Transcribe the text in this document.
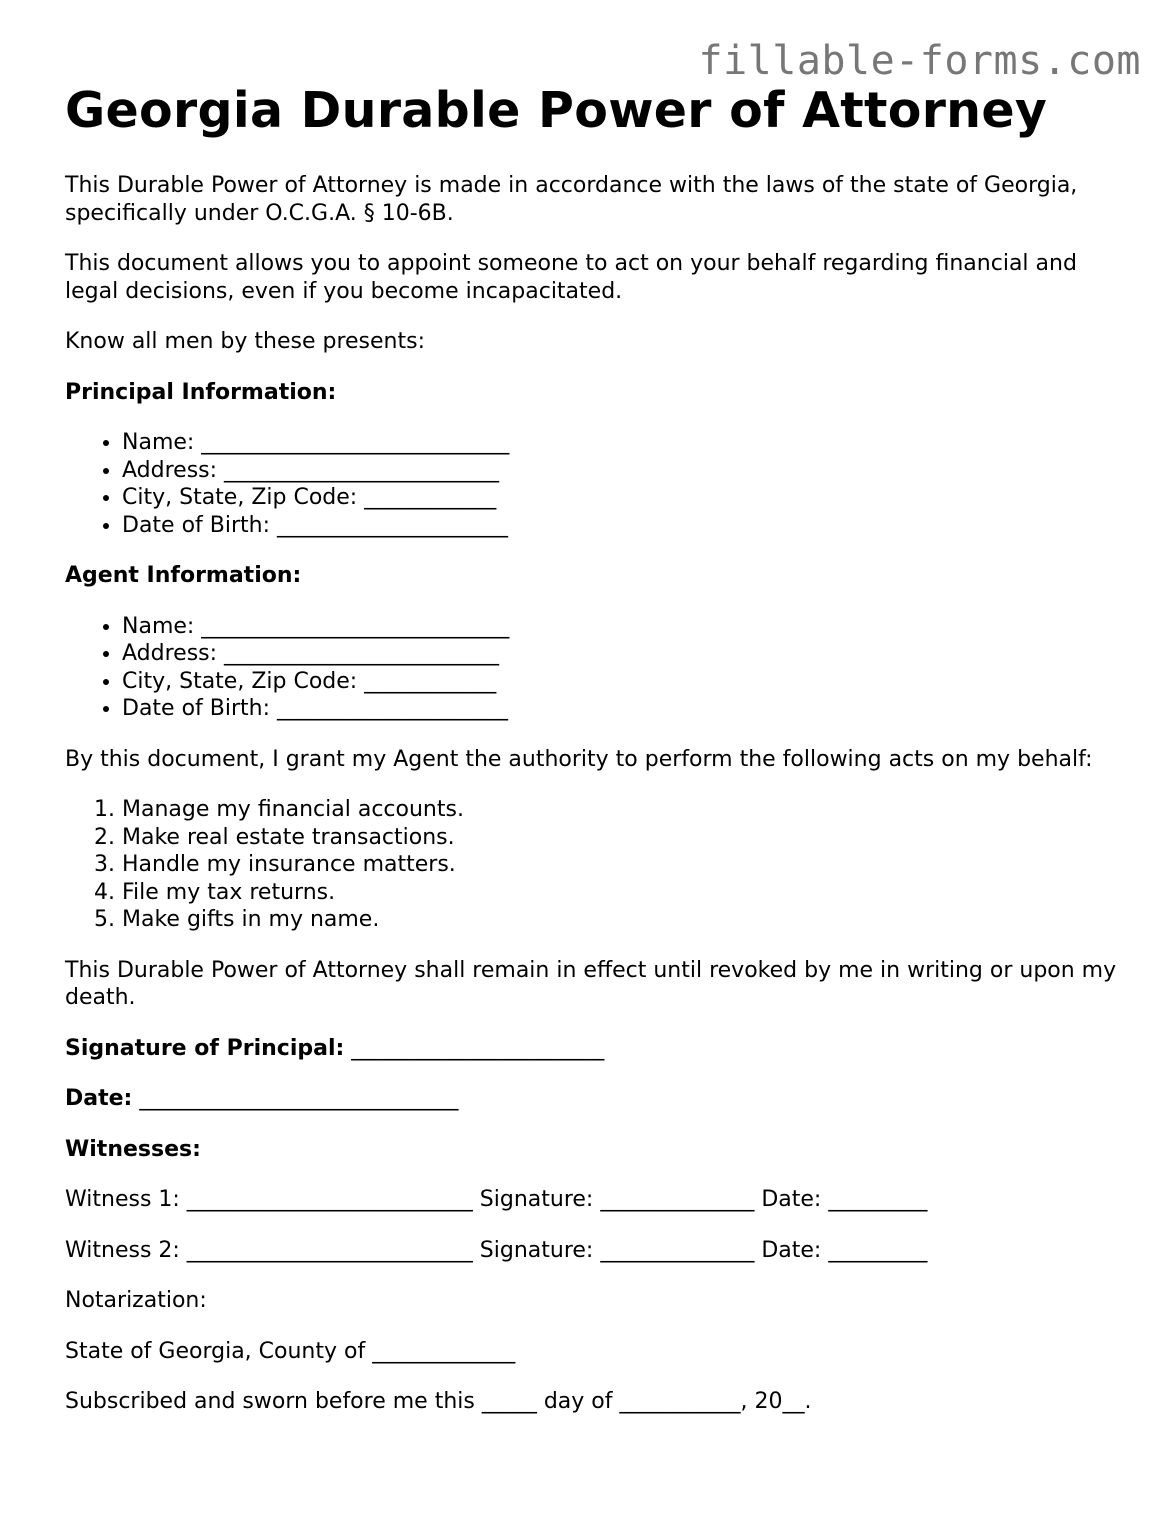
fillable-forms.com
Georgia Durable Power of Attorney

This Durable Power of Attorney is made in accordance with the laws of the state of Georgia, specifically under O.C.G.A. § 10-6B.

This document allows you to appoint someone to act on your behalf regarding financial and legal decisions, even if you become incapacitated.

Know all men by these presents:

Principal Information:

• Name: ____________________________
• Address: _________________________
• City, State, Zip Code: ____________
• Date of Birth: _____________________

Agent Information:

• Name: ____________________________
• Address: _________________________
• City, State, Zip Code: ____________
• Date of Birth: _____________________

By this document, I grant my Agent the authority to perform the following acts on my behalf:

1. Manage my financial accounts.
2. Make real estate transactions.
3. Handle my insurance matters.
4. File my tax returns.
5. Make gifts in my name.

This Durable Power of Attorney shall remain in effect until revoked by me in writing or upon my death.

Signature of Principal: _______________________

Date: _____________________________

Witnesses:

Witness 1: __________________________ Signature: ______________ Date: _________

Witness 2: __________________________ Signature: ______________ Date: _________

Notarization:

State of Georgia, County of _____________

Subscribed and sworn before me this _____ day of ___________, 20__.
